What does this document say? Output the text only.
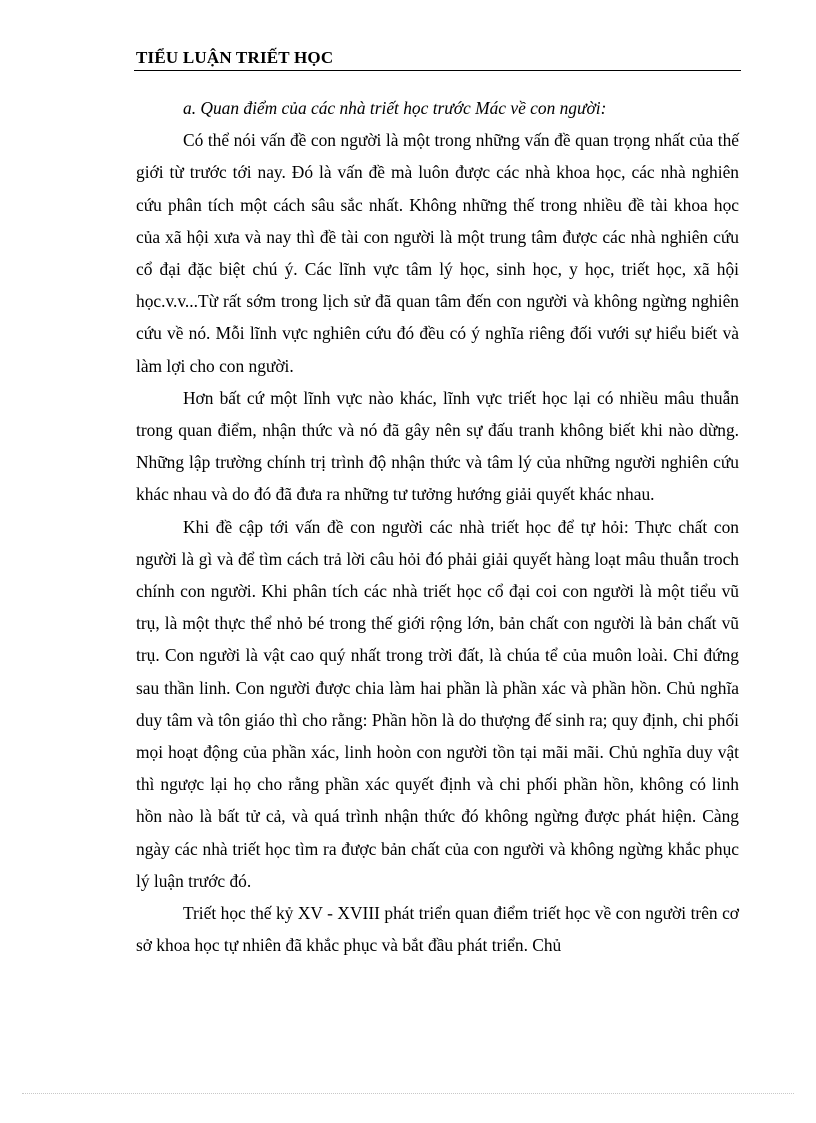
TIỂU LUẬN TRIẾT HỌC

a. Quan điểm của các nhà triết học trước Mác về con người:

Có thể nói vấn đề con người là một trong những vấn đề quan trọng nhất của thế giới từ trước tới nay. Đó là vấn đề mà luôn được các nhà khoa học, các nhà nghiên cứu phân tích một cách sâu sắc nhất. Không những thế trong nhiều đề tài khoa học của xã hội xưa và nay thì đề tài con người là một trung tâm được các nhà nghiên cứu cổ đại đặc biệt chú ý. Các lĩnh vực tâm lý học, sinh học, y học, triết học, xã hội học.v.v...Từ rất sớm trong lịch sử đã quan tâm đến con người và không ngừng nghiên cứu về nó. Mỗi lĩnh vực nghiên cứu đó đều có ý nghĩa riêng đối vưới sự hiểu biết và làm lợi cho con người.

Hơn bất cứ một lĩnh vực nào khác, lĩnh vực triết học lại có nhiều mâu thuẫn trong quan điểm, nhận thức và nó đã gây nên sự đấu tranh không biết khi nào dừng. Những lập trường chính trị trình độ nhận thức và tâm lý của những người nghiên cứu khác nhau và do đó đã đưa ra những tư tưởng hướng giải quyết khác nhau.

Khi đề cập tới vấn đề con người các nhà triết học để tự hỏi: Thực chất con người là gì và để tìm cách trả lời câu hỏi đó phải giải quyết hàng loạt mâu thuẫn troch chính con người. Khi phân tích các nhà triết học cổ đại coi con người là một tiểu vũ trụ, là một thực thể nhỏ bé trong thế giới rộng lớn, bản chất con người là bản chất vũ trụ. Con người là vật cao quý nhất trong trời đất, là chúa tể của muôn loài. Chỉ đứng sau thần linh. Con người được chia làm hai phần là phần xác và phần hồn. Chủ nghĩa duy tâm và tôn giáo thì cho rằng: Phần hồn là do thượng đế sinh ra; quy định, chi phối mọi hoạt động của phần xác, linh hoòn con người tồn tại mãi mãi. Chủ nghĩa duy vật thì ngược lại họ cho rằng phần xác quyết định và chi phối phần hồn, không có linh hồn nào là bất tử cả, và quá trình nhận thức đó không ngừng được phát hiện. Càng ngày các nhà triết học tìm ra được bản chất của con người và không ngừng khắc phục lý luận trước đó.

Triết học thế kỷ XV - XVIII phát triển quan điểm triết học về con người trên cơ sở khoa học tự nhiên đã khắc phục và bắt đầu phát triển. Chủ
